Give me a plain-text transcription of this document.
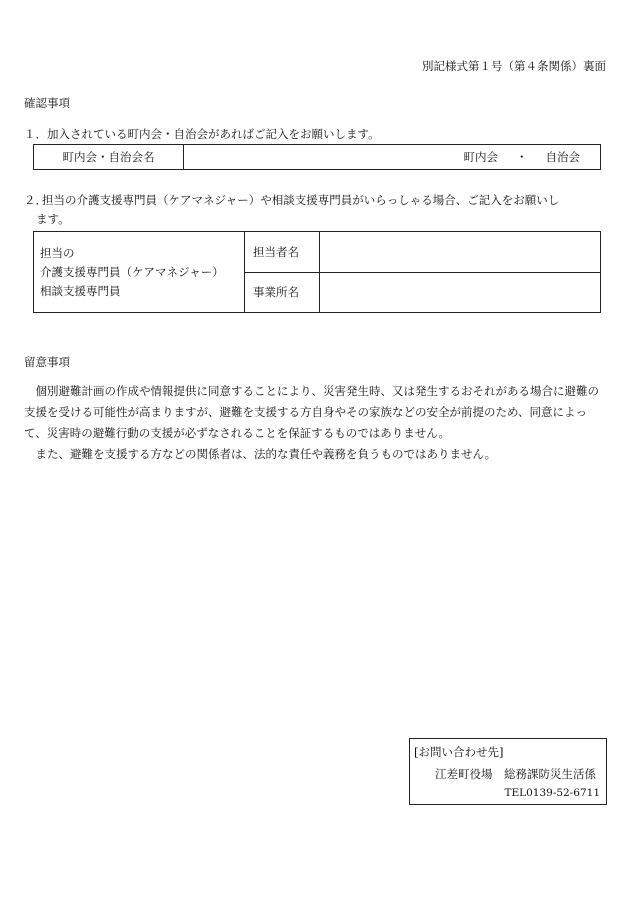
別記様式第１号（第４条関係）裏面
確認事項
１．加入されている町内会・自治会があればご記入をお願いします。
町内会・自治会名	町内会 ・ 自治会
２．担当の介護支援専門員（ケアマネジャー）や相談支援専門員がいらっしゃる場合、ご記入をお願いし
ます。
担当の
介護支援専門員（ケアマネジャー）
相談支援専門員	担当者名	
	事業所名	
留意事項

個別避難計画の作成や情報提供に同意することにより、災害発生時、又は発生するおそれがある場合に避難の支援を受ける可能性が高まりますが、避難を支援する方自身やその家族などの安全が前提のため、同意によって、災害時の避難行動の支援が必ずなされることを保証するものではありません。

また、避難を支援する方などの関係者は、法的な責任や義務を負うものではありません。

[お問い合わせ先]
江差町役場　総務課防災生活係
TEL0139-52-6711
